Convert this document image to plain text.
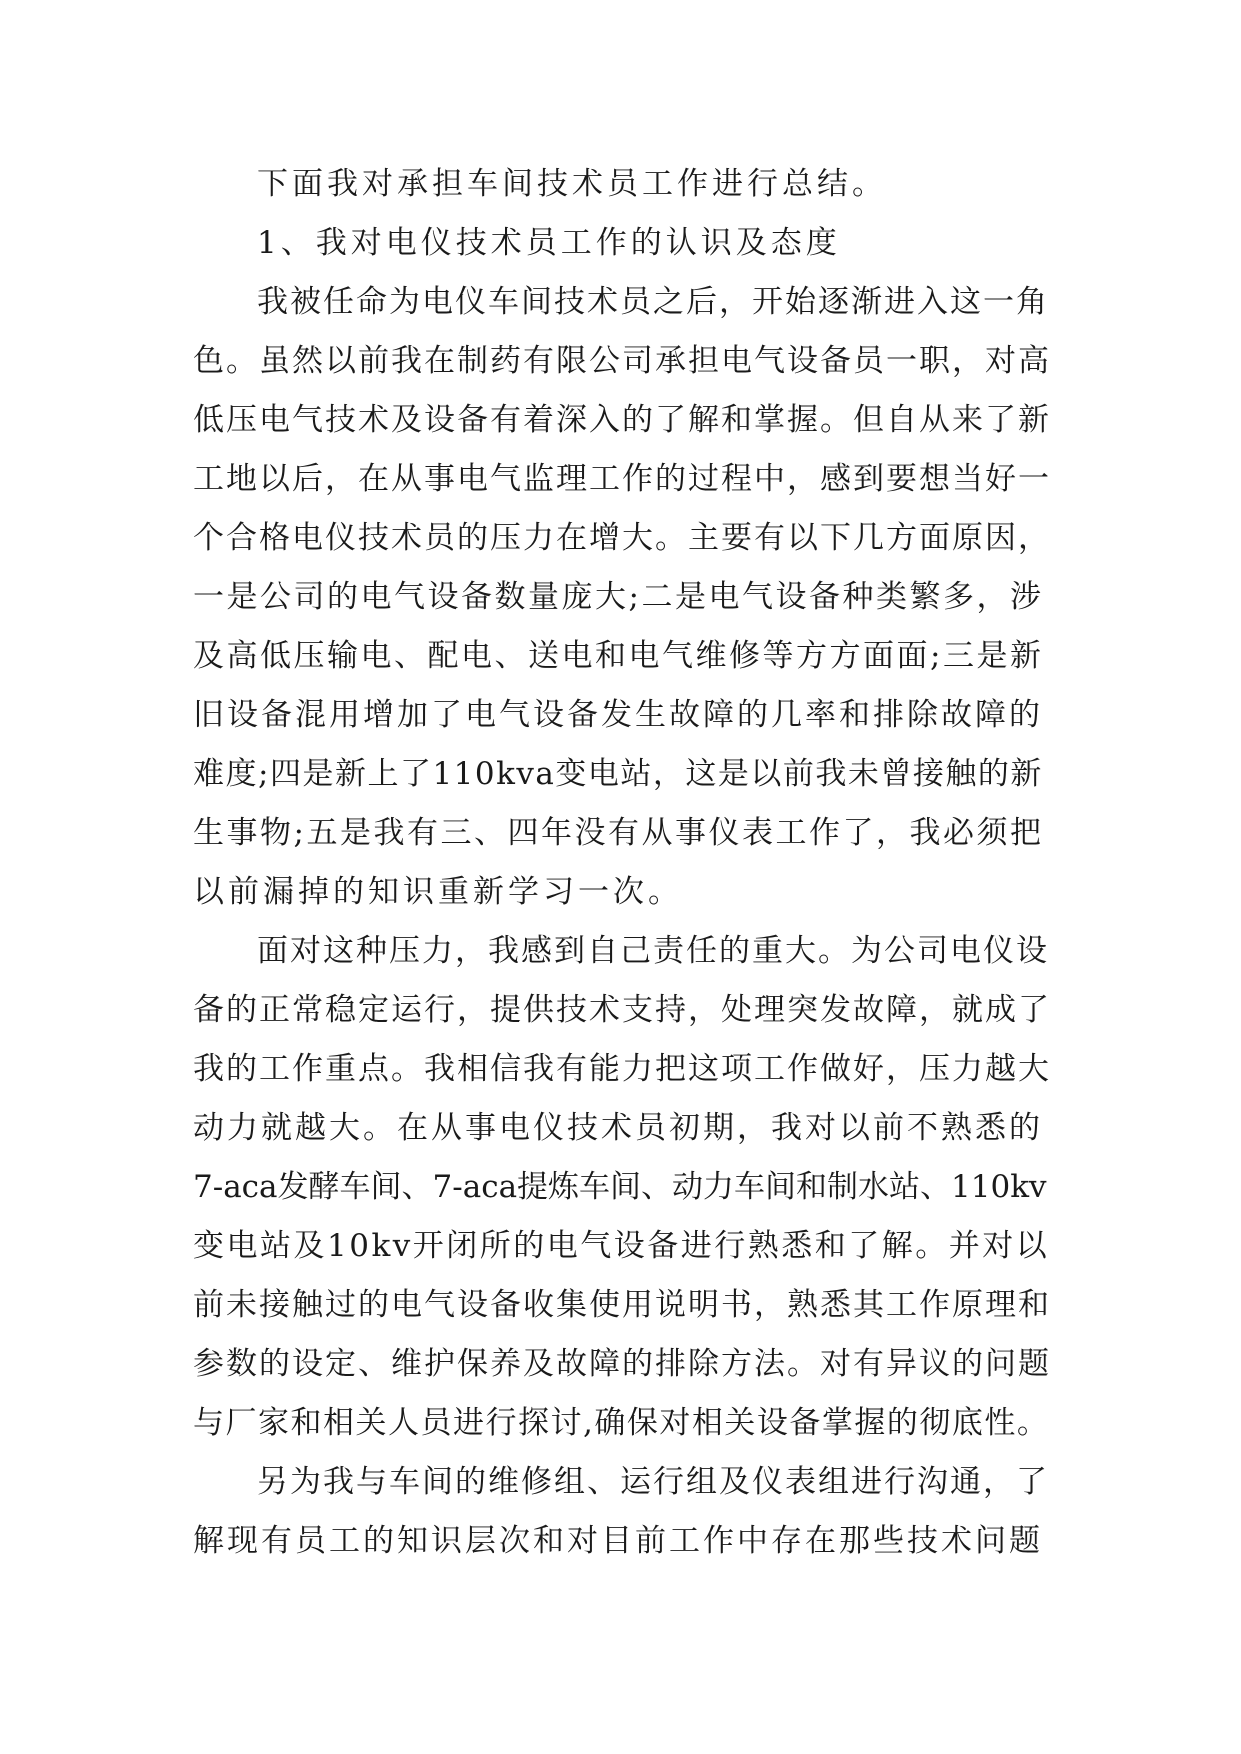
下面我对承担车间技术员工作进行总结。
1、我对电仪技术员工作的认识及态度
我被任命为电仪车间技术员之后，开始逐渐进入这一角
色。虽然以前我在制药有限公司承担电气设备员一职，对高
低压电气技术及设备有着深入的了解和掌握。但自从来了新
工地以后，在从事电气监理工作的过程中，感到要想当好一
个合格电仪技术员的压力在增大。主要有以下几方面原因，
一是公司的电气设备数量庞大;二是电气设备种类繁多，涉
及高低压输电、配电、送电和电气维修等方方面面;三是新
旧设备混用增加了电气设备发生故障的几率和排除故障的
难度;四是新上了110kva变电站，这是以前我未曾接触的新
生事物;五是我有三、四年没有从事仪表工作了，我必须把
以前漏掉的知识重新学习一次。
面对这种压力，我感到自己责任的重大。为公司电仪设
备的正常稳定运行，提供技术支持，处理突发故障，就成了
我的工作重点。我相信我有能力把这项工作做好，压力越大
动力就越大。在从事电仪技术员初期，我对以前不熟悉的
7-aca发酵车间、7-aca提炼车间、动力车间和制水站、110kv
变电站及10kv开闭所的电气设备进行熟悉和了解。并对以
前未接触过的电气设备收集使用说明书，熟悉其工作原理和
参数的设定、维护保养及故障的排除方法。对有异议的问题
与厂家和相关人员进行探讨,确保对相关设备掌握的彻底性。
另为我与车间的维修组、运行组及仪表组进行沟通，了
解现有员工的知识层次和对目前工作中存在那些技术问题
